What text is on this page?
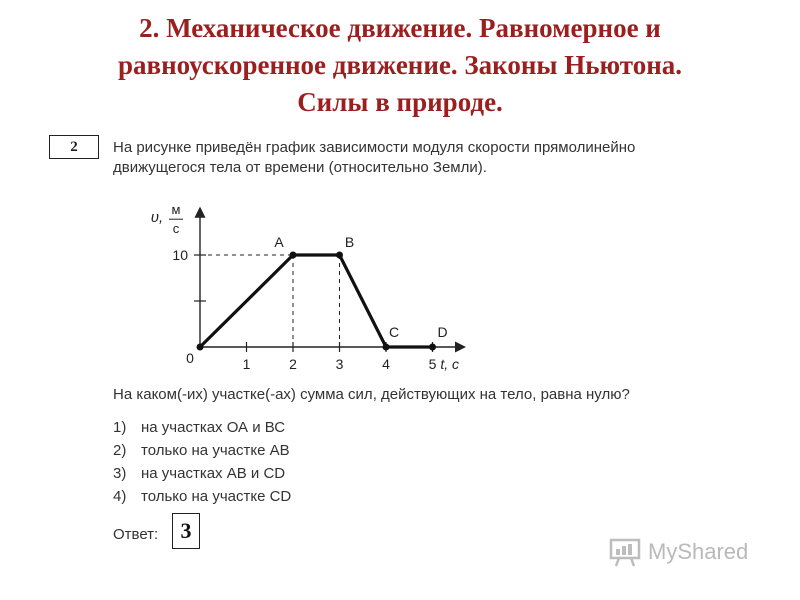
2. Механическое движение. Равномерное и
равноускоренное движение. Законы Ньютона.
Силы в природе.
2	На рисунке приведён график зависимости модуля скорости прямолинейно
движущегося тела от времени (относительно Земли).
1	2	3	4	5
10
0
A	B
C	D
t, с
υ, м
с
На каком(-их) участке(-ах) сумма сил, действующих на тело, равна нулю?
1) на участках ОА и ВС
2) только на участке АВ
3) на участках АВ и CD
4) только на участке CD
Ответ:	3
MyShared
